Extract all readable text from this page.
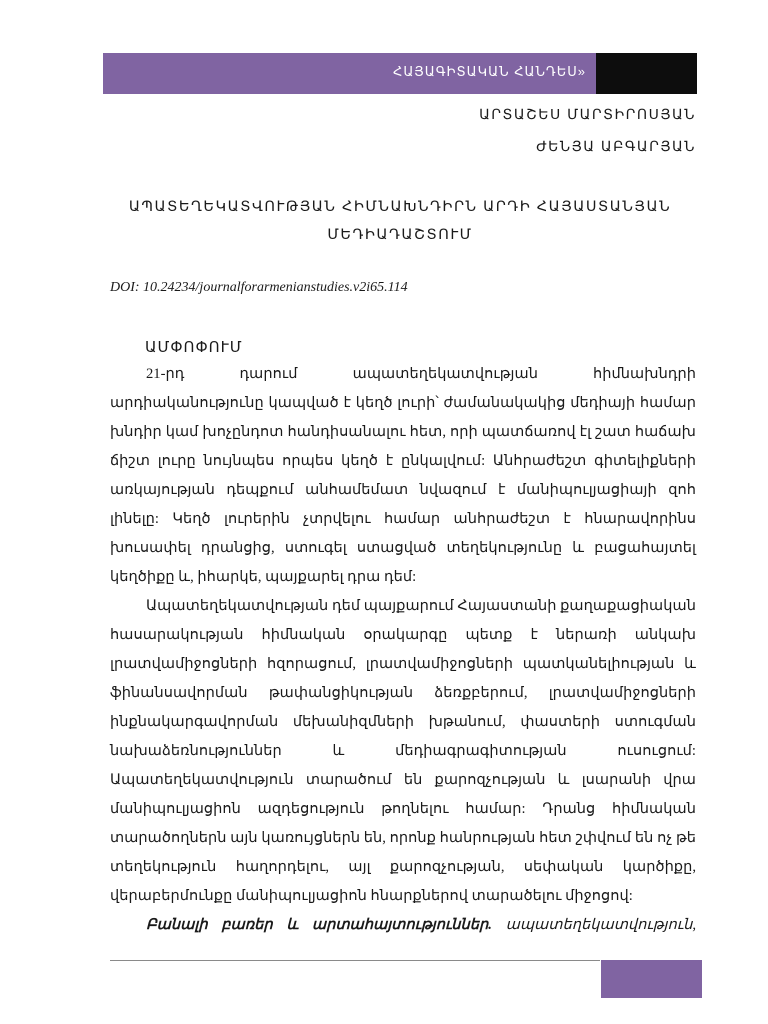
ՀԱՅԱԳԻՏԱԿԱՆ ՀԱՆԴԵՍ»
ԱՐՏԱՇԵՍ ՄԱՐՏԻՐՈՍՅԱՆ
ԺԵՆՅԱ ԱԲԳԱՐՅԱՆ
ԱՊԱՏԵՂԵԿԱՏՎՈՒԹՅԱՆ ՀԻՄՆԱԽՆԴԻՐՆ ԱՐԴԻ ՀԱՅԱՍՏԱՆՅԱՆ
ՄԵԴԻԱԴԱՇՏՈՒՄ
DOI: 10.24234/journalforarmenianstudies.v2i65.114
ԱՄՓՈՓՈՒՄ

21-րդ դարում ապատեղեկատվության հիմնախնդրի արդիականությունը կապված է կեղծ լուրի՝ ժամանակակից մեդիայի համար խնդիր կամ խոչընդոտ հանդիսանալու հետ, որի պատճառով էլ շատ հաճախ ճիշտ լուրը նույնպես որպես կեղծ է ընկալվում: Անհրաժեշտ գիտելիքների առկայության դեպքում անհամեմատ նվազում է մանիպուլյացիայի զոհ լինելը: Կեղծ լուրերին չտրվելու համար անհրաժեշտ է հնարավորինս խուսափել դրանցից, ստուգել ստացված տեղեկությունը և բացահայտել կեղծիքը և, իհարկե, պայքարել դրա դեմ:

Ապատեղեկատվության դեմ պայքարում Հայաստանի քաղաքացիական հասարակության հիմնական օրակարգը պետք է ներառի անկախ լրատվամիջոցների հզորացում, լրատվամիջոցների պատկանելիության և ֆինանսավորման թափանցիկության ձեռքբերում, լրատվամիջոցների ինքնակարգավորման մեխանիզմների խթանում, փաստերի ստուգման նախաձեռնություններ և մեդիագրագիտության ուսուցում: Ապատեղեկատվություն տարածում են քարոզչության և լսարանի վրա մանիպուլյացիոն ազդեցություն թողնելու համար: Դրանց հիմնական տարածողներն այն կառույցներն են, որոնք հանրության հետ շփվում են ոչ թե տեղեկություն հաղորդելու, այլ քարոզչության, սեփական կարծիքը, վերաբերմունքը մանիպուլյացիոն հնարքներով տարածելու միջոցով:

Բանալի բառեր և արտահայտություններ. ապատեղեկատվություն,
